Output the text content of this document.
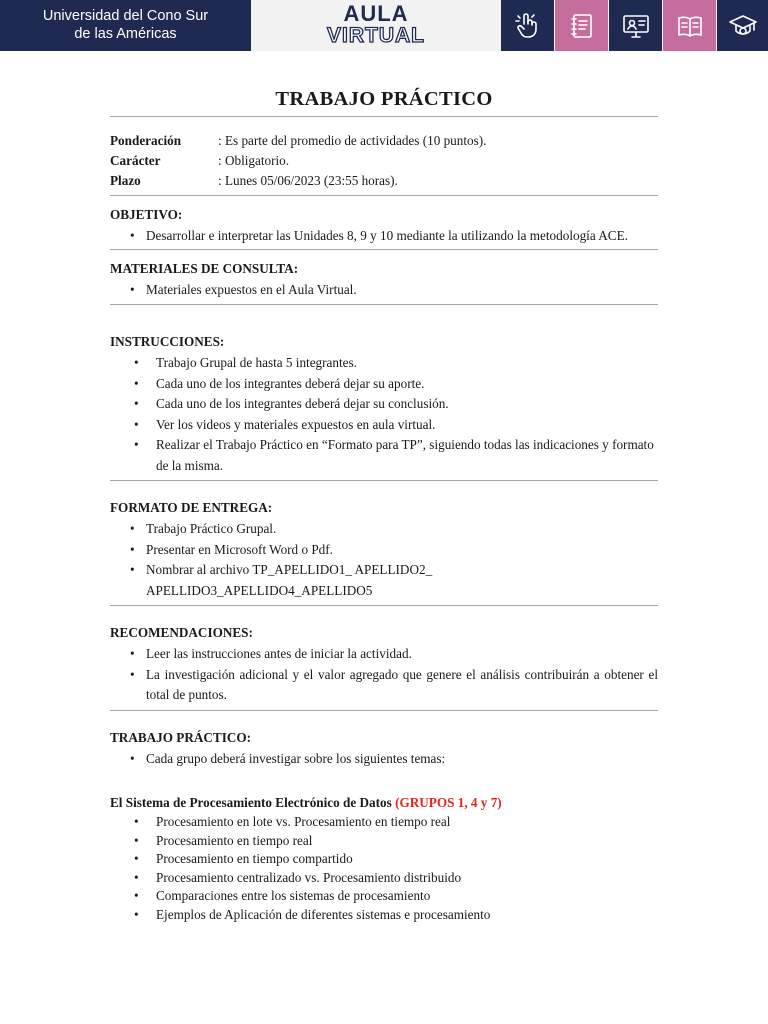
Universidad del Cono Sur
de las Américas
AULA
VIRTUAL
TRABAJO PRÁCTICO
Ponderación	: Es parte del promedio de actividades (10 puntos).
Carácter	: Obligatorio.
Plazo	: Lunes 05/06/2023 (23:55 horas).
OBJETIVO:
• Desarrollar e interpretar las Unidades 8, 9 y 10 mediante la utilizando la metodología ACE.
MATERIALES DE CONSULTA:
• Materiales expuestos en el Aula Virtual.
INSTRUCCIONES:
• Trabajo Grupal de hasta 5 integrantes.
• Cada uno de los integrantes deberá dejar su aporte.
• Cada uno de los integrantes deberá dejar su conclusión.
• Ver los videos y materiales expuestos en aula virtual.
• Realizar el Trabajo Práctico en “Formato para TP”, siguiendo todas las indicaciones y formato de la misma.
FORMATO DE ENTREGA:
• Trabajo Práctico Grupal.
• Presentar en Microsoft Word o Pdf.
• Nombrar al archivo TP_APELLIDO1_ APELLIDO2_ APELLIDO3_APELLIDO4_APELLIDO5
RECOMENDACIONES:
• Leer las instrucciones antes de iniciar la actividad.
• La investigación adicional y el valor agregado que genere el análisis contribuirán a obtener el total de puntos.
TRABAJO PRÁCTICO:
• Cada grupo deberá investigar sobre los siguientes temas:
El Sistema de Procesamiento Electrónico de Datos (GRUPOS 1, 4 y 7)
• Procesamiento en lote vs. Procesamiento en tiempo real
• Procesamiento en tiempo real
• Procesamiento en tiempo compartido
• Procesamiento centralizado vs. Procesamiento distribuido
• Comparaciones entre los sistemas de procesamiento
• Ejemplos de Aplicación de diferentes sistemas e procesamiento
